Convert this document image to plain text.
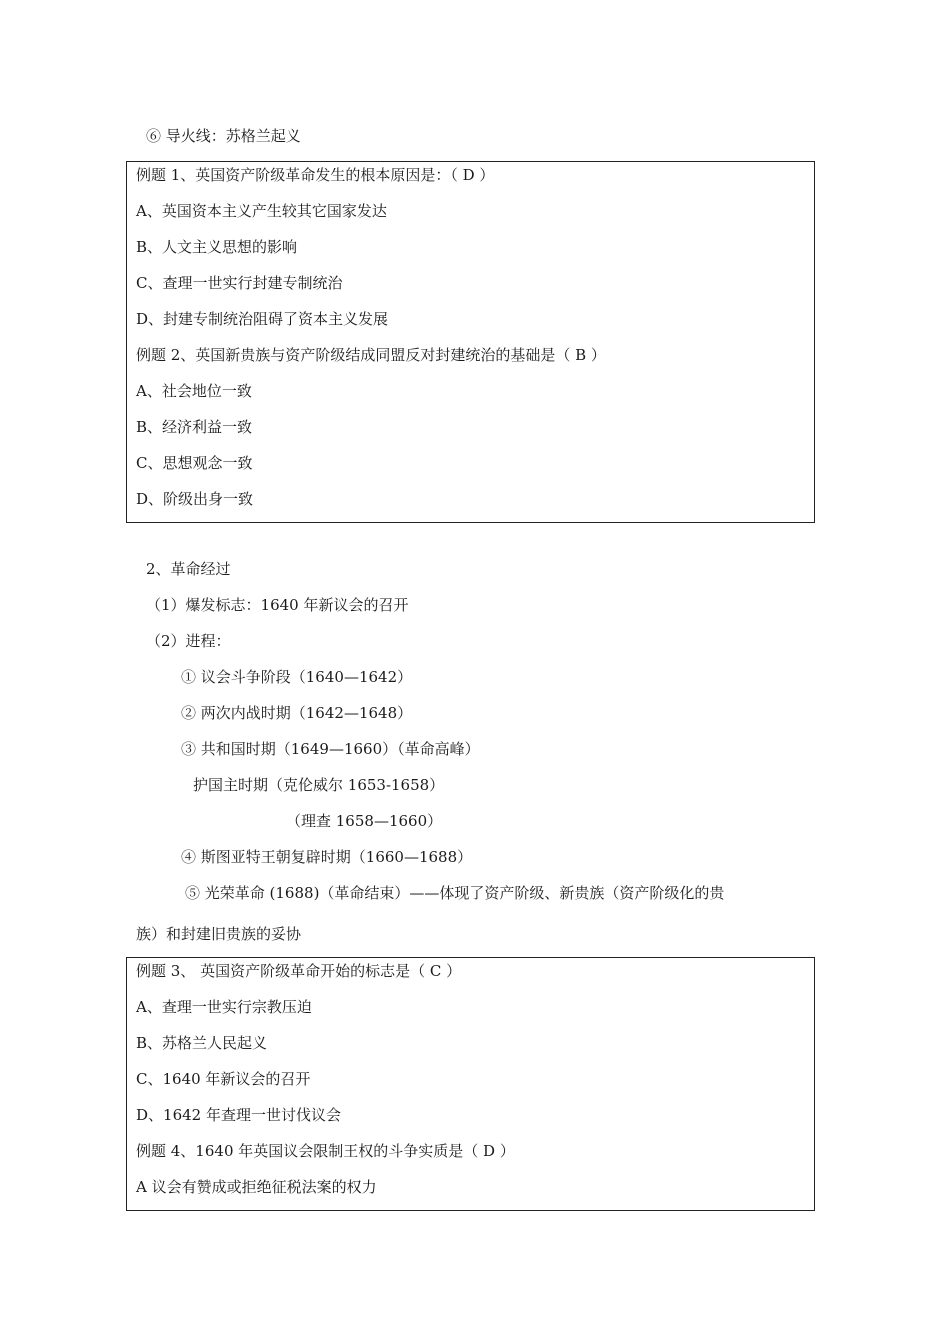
⑥ 导火线：苏格兰起义
例题 1、英国资产阶级革命发生的根本原因是：（ D ）
A、英国资本主义产生较其它国家发达
B、人文主义思想的影响
C、查理一世实行封建专制统治
D、封建专制统治阻碍了资本主义发展
例题 2、英国新贵族与资产阶级结成同盟反对封建统治的基础是（ B ）
A、社会地位一致
B、经济利益一致
C、思想观念一致
D、阶级出身一致
2、革命经过
（1）爆发标志：1640 年新议会的召开
（2）进程：
① 议会斗争阶段（1640—1642）
② 两次内战时期（1642—1648）
③ 共和国时期（1649—1660）（革命高峰）
护国主时期（克伦威尔 1653-1658）
（理查 1658—1660）
④ 斯图亚特王朝复辟时期（1660—1688）
⑤ 光荣革命 (1688)（革命结束）——体现了资产阶级、新贵族（资产阶级化的贵
族）和封建旧贵族的妥协
例题 3、 英国资产阶级革命开始的标志是（ C ）
A、查理一世实行宗教压迫
B、苏格兰人民起义
C、1640 年新议会的召开
D、1642 年查理一世讨伐议会
例题 4、1640 年英国议会限制王权的斗争实质是（ D ）
A 议会有赞成或拒绝征税法案的权力
